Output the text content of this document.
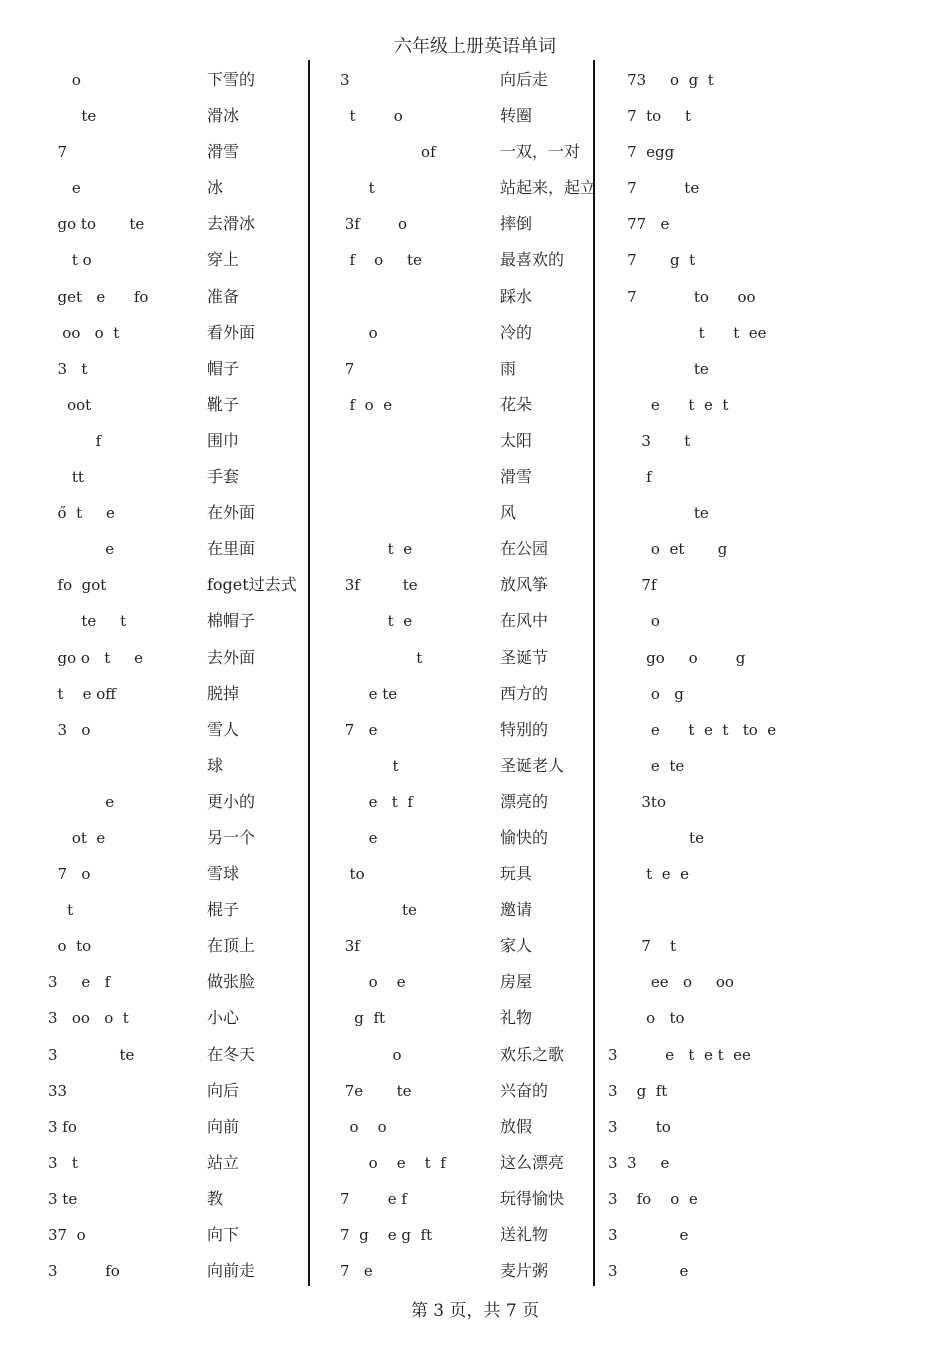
六年级上册英语单词
o	下雪的
te	滑冰
7	滑雪
e	冰
go to       te	去滑冰
t o	穿上
get   e      fo	准备
oo   o  t	看外面
3   t	帽子
oot	靴子
f	围巾
tt	手套
ő  t     e	在外面
e	在里面
fo  got	foget过去式
te     t	棉帽子
go o   t     e	去外面
t    e off	脱掉
3   o	雪人
球
e	更小的
ot  e	另一个
7   o	雪球
t	棍子
o  to	在顶上
3     e   f	做张脸
3   oo   o  t	小心
3             te	在冬天
33	向后
3 fo	向前
3   t	站立
3 te	教
37  o	向下
3          fo	向前走
3	向后走
t        o	转圈
of	一双，一对
t	站起来，起立
3f        o	摔倒
f    o     te	最喜欢的
踩水
o	冷的
7	雨
f  o  e	花朵
太阳
滑雪
风
t  e	在公园
3f         te	放风筝
t  e	在风中
t	圣诞节
e te	西方的
7   e	特别的
t	圣诞老人
e   t  f	漂亮的
e	愉快的
to	玩具
te	邀请
3f	家人
o    e	房屋
g  ft	礼物
o	欢乐之歌
7e       te	兴奋的
o    o	放假
o    e    t  f	这么漂亮
7        e f	玩得愉快
7  g    e g  ft	送礼物
7   e	麦片粥
73     o  g  t
7  to     t
7  egg
7          te
77   e
7       g  t
7            to      oo
t      t  ee
te
e      t  e  t
3       t
f
te
o  et       g
7f
o
go     o        g
o   g
e      t  e  t   to  e
e  te
3to
te
t  e  e
7    t
ee   o     oo
o   to
3          e   t  e t  ee
3    g  ft
3        to
3  3     e
3    fo    o  e
3             e
3             e
第 3 页，共 7 页
